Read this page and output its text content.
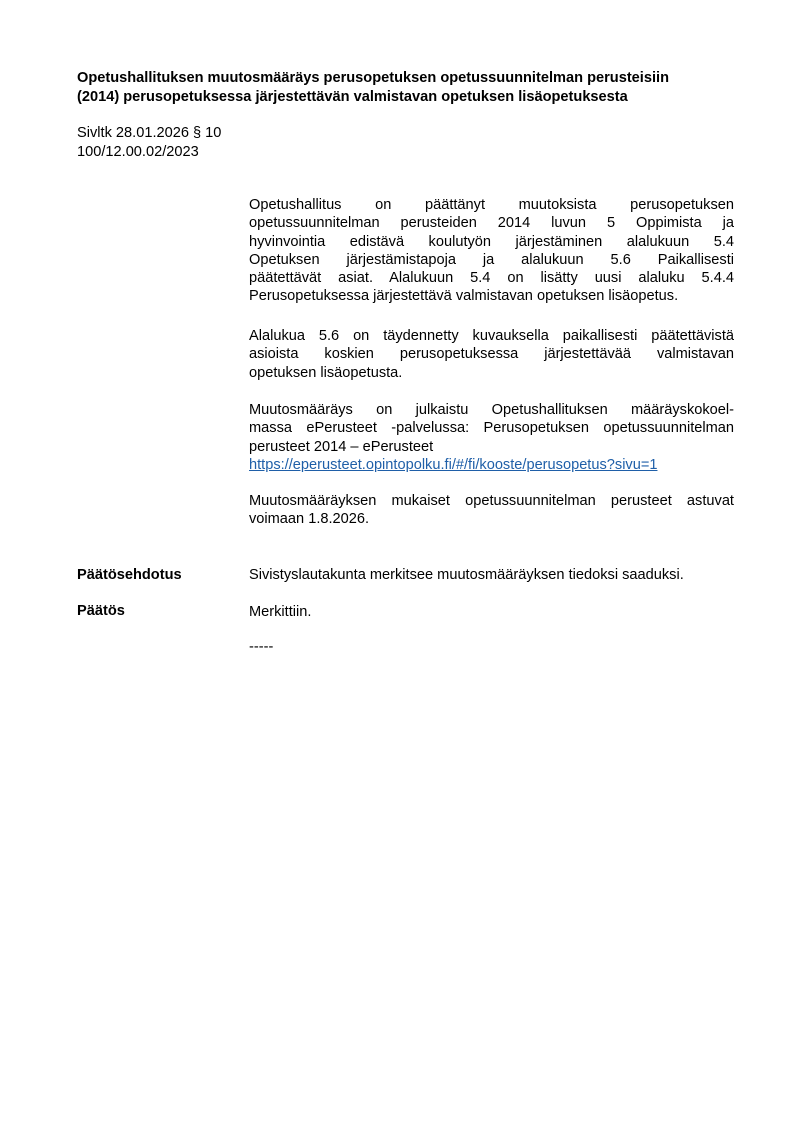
Opetushallituksen muutosmääräys perusopetuksen opetussuunnitelman perusteisiin
(2014) perusopetuksessa järjestettävän valmistavan opetuksen lisäopetuksesta
Sivltk 28.01.2026 § 10
100/12.00.02/2023

Opetushallitus on päättänyt muutoksista perusopetuksen
opetussuunnitelman perusteiden 2014 luvun 5 Oppimista ja
hyvinvointia edistävä koulutyön järjestäminen alalukuun 5.4
Opetuksen järjestämistapoja ja alalukuun 5.6 Paikallisesti
päätettävät asiat. Alalukuun 5.4 on lisätty uusi alaluku 5.4.4
Perusopetuksessa järjestettävä valmistavan opetuksen lisäopetus.

Alalukua 5.6 on täydennetty kuvauksella paikallisesti päätettävistä
asioista koskien perusopetuksessa järjestettävää valmistavan
opetuksen lisäopetusta.

Muutosmääräys on julkaistu Opetushallituksen määräyskokoel-
massa ePerusteet -palvelussa: Perusopetuksen opetussuunnitelman
perusteet 2014 – ePerusteet

https://eperusteet.opintopolku.fi/#/fi/kooste/perusopetus?sivu=1

Muutosmääräyksen mukaiset opetussuunnitelman perusteet astuvat
voimaan 1.8.2026.

Päätösehdotus	Sivistyslautakunta merkitsee muutosmääräyksen tiedoksi saaduksi.
Päätös	Merkittiin.
-----
